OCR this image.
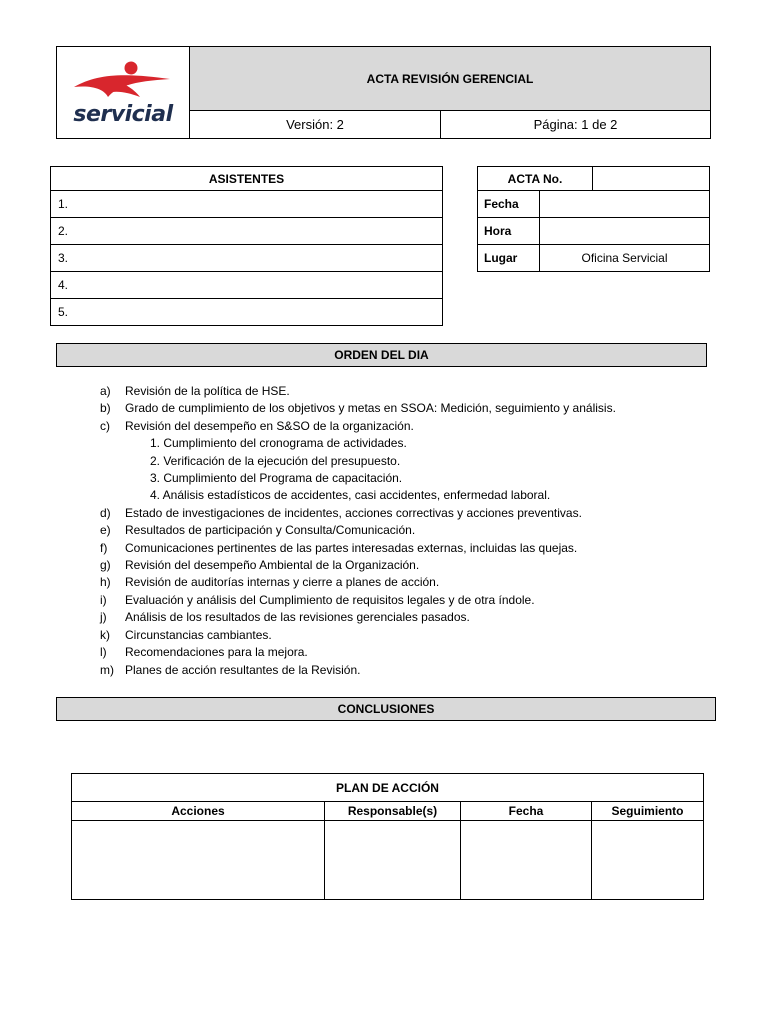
servicial	ACTA REVISIÓN GERENCIAL	
	Versión: 2	Página: 1 de 2
ASISTENTES
1.
2.
3.
4.
5.
ACTA No.		
Fecha		
Hora		
Lugar	Oficina Servicial	
ORDEN DEL DIA
a) Revisión de la política de HSE.
b) Grado de cumplimiento de los objetivos y metas en SSOA: Medición, seguimiento y análisis.
c) Revisión del desempeño en S&SO de la organización.
1. Cumplimiento del cronograma de actividades.
2. Verificación de la ejecución del presupuesto.
3. Cumplimiento del Programa de capacitación.
4. Análisis estadísticos de accidentes, casi accidentes, enfermedad laboral.
d) Estado de investigaciones de incidentes, acciones correctivas y acciones preventivas.
e) Resultados de participación y Consulta/Comunicación.
f) Comunicaciones pertinentes de las partes interesadas externas, incluidas las quejas.
g) Revisión del desempeño Ambiental de la Organización.
h) Revisión de auditorías internas y cierre a planes de acción.
i) Evaluación y análisis del Cumplimiento de requisitos legales y de otra índole.
j) Análisis de los resultados de las revisiones gerenciales pasados.
k) Circunstancias cambiantes.
l) Recomendaciones para la mejora.
m) Planes de acción resultantes de la Revisión.
CONCLUSIONES
PLAN DE ACCIÓN			
Acciones	Responsable(s)	Fecha	Seguimiento
